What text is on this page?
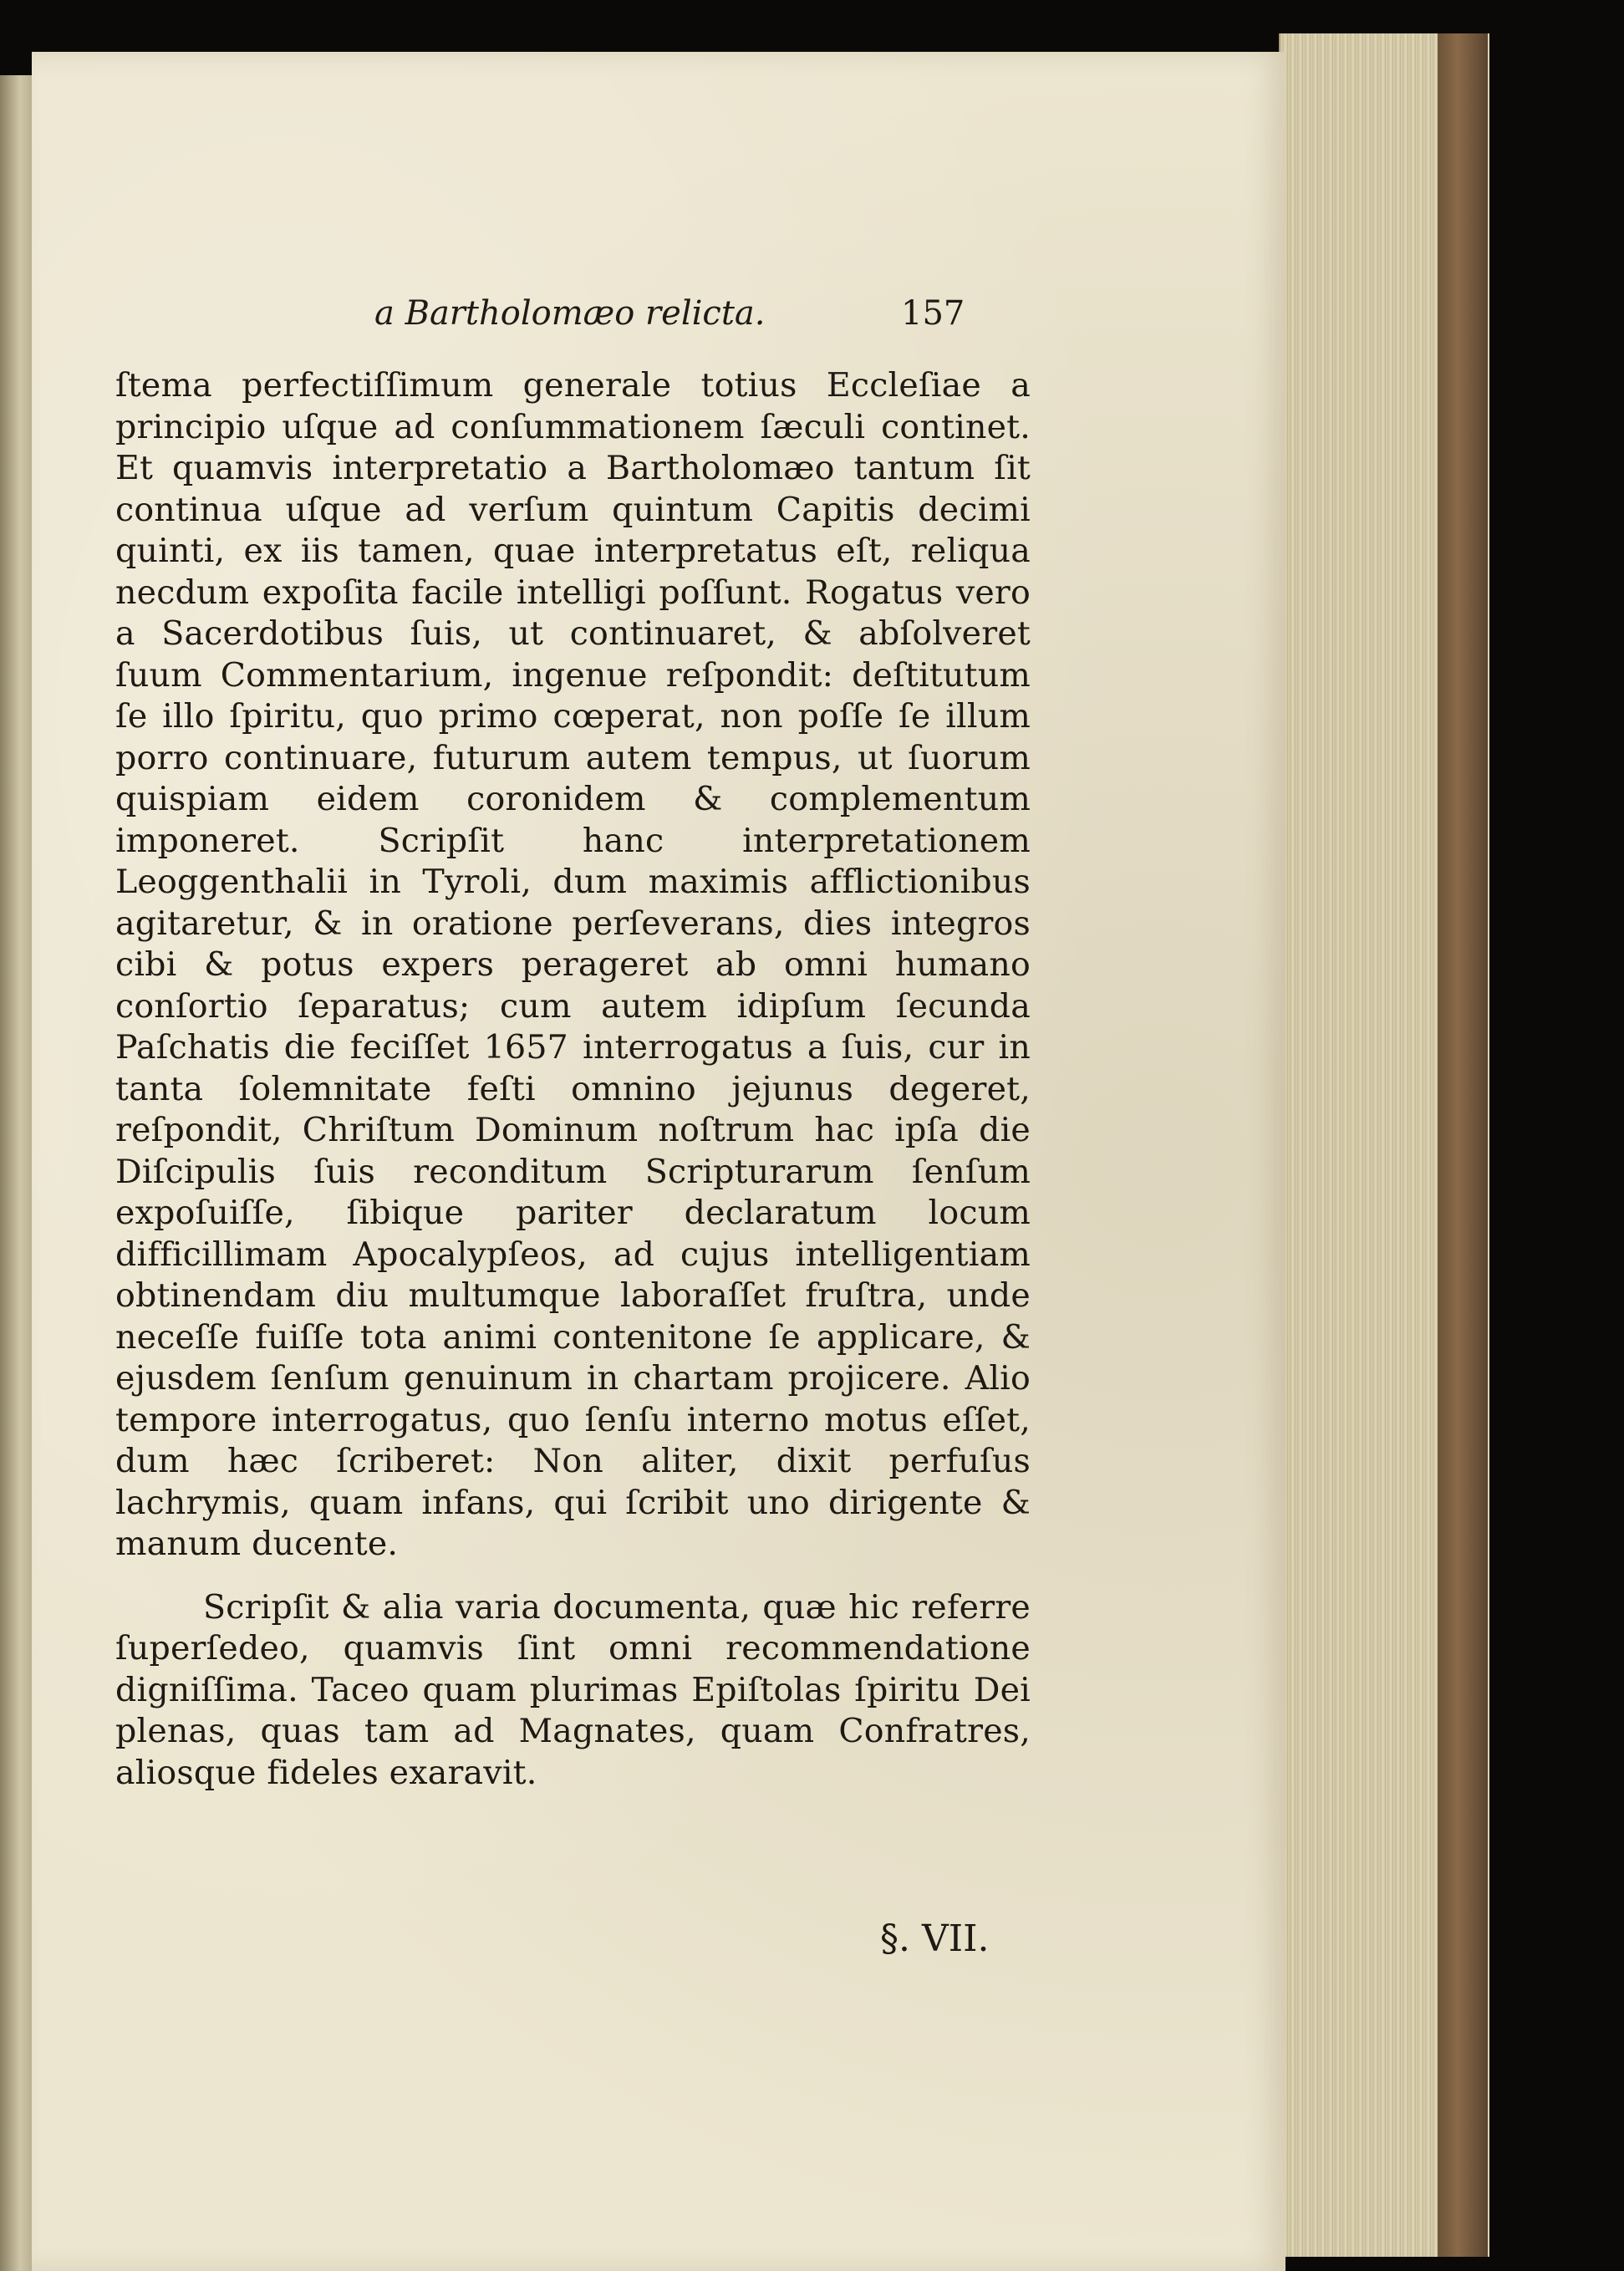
a Bartholomæo relicta.	157

ſtema perfectiſſimum generale totius Eccleſiae a principio uſque ad conſummationem ſæculi continet. Et quamvis interpretatio a Bartholomæo tantum ſit continua uſque ad verſum quintum Capitis decimi quinti, ex iis tamen, quae interpretatus eſt, reliqua necdum expoſita facile intelligi poſſunt. Rogatus vero a Sacerdotibus ſuis, ut continuaret, & abſolveret ſuum Commentarium, ingenue reſpondit: deſtitutum ſe illo ſpiritu, quo primo cœperat, non poſſe ſe illum porro continuare, futurum autem tempus, ut ſuorum quispiam eidem coronidem & complementum imponeret. Scripſit hanc interpretationem Leoggenthalii in Tyroli, dum maximis afflictionibus agitaretur, & in oratione perſeverans, dies integros cibi & potus expers perageret ab omni humano conſortio ſeparatus; cum autem idipſum ſecunda Paſchatis die feciſſet 1657 interrogatus a ſuis, cur in tanta ſolemnitate feſti omnino jejunus degeret, reſpondit, Chriſtum Dominum noſtrum hac ipſa die Diſcipulis ſuis reconditum Scripturarum ſenſum expoſuiſſe, ſibique pariter declaratum locum difficillimam Apocalypſeos, ad cujus intelligentiam obtinendam diu multumque laboraſſet fruſtra, unde neceſſe fuiſſe tota animi contenitone ſe applicare, & ejusdem ſenſum genuinum in chartam projicere. Alio tempore interrogatus, quo ſenſu interno motus eſſet, dum hæc ſcriberet: Non aliter, dixit perfuſus lachrymis, quam infans, qui ſcribit uno dirigente & manum ducente.

Scripſit & alia varia documenta, quæ hic referre ſuperſedeo, quamvis ſint omni recommendatione digniſſima. Taceo quam plurimas Epiſtolas ſpiritu Dei plenas, quas tam ad Magnates, quam Confratres, aliosque fideles exaravit.

§. VII.
